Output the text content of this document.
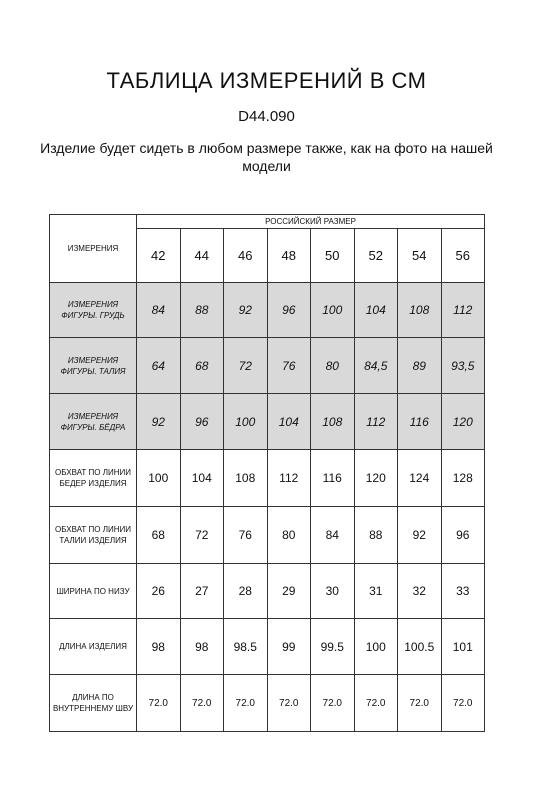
ТАБЛИЦА ИЗМЕРЕНИЙ В СМ
D44.090
Изделие будет сидеть в любом размере также, как на фото на нашей модели
ИЗМЕРЕНИЯ	РОССИЙСКИЙ РАЗМЕР							
	42	44	46	48	50	52	54	56
ИЗМЕРЕНИЯ ФИГУРЫ. ГРУДЬ	84	88	92	96	100	104	108	112
ИЗМЕРЕНИЯ ФИГУРЫ. ТАЛИЯ	64	68	72	76	80	84,5	89	93,5
ИЗМЕРЕНИЯ ФИГУРЫ. БЁДРА	92	96	100	104	108	112	116	120
ОБХВАТ ПО ЛИНИИ БЕДЕР ИЗДЕЛИЯ	100	104	108	112	116	120	124	128
ОБХВАТ ПО ЛИНИИ ТАЛИИ ИЗДЕЛИЯ	68	72	76	80	84	88	92	96
ШИРИНА ПО НИЗУ	26	27	28	29	30	31	32	33
ДЛИНА ИЗДЕЛИЯ	98	98	98.5	99	99.5	100	100.5	101
ДЛИНА ПО ВНУТРЕННЕМУ ШВУ	72.0	72.0	72.0	72.0	72.0	72.0	72.0	72.0
